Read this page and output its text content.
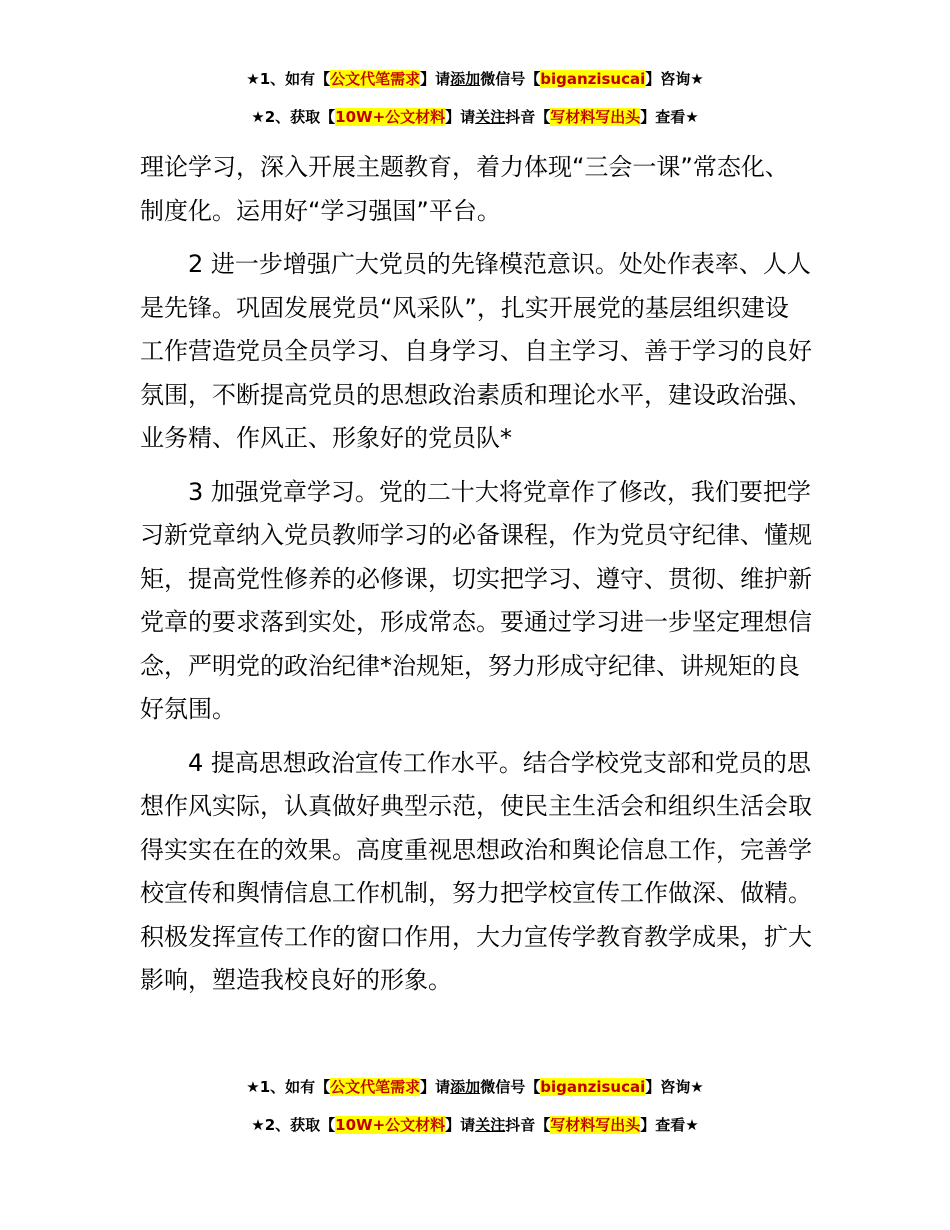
★1、如有【公文代笔需求】请添加微信号【biganzisucai】咨询★
★2、获取【10W+公文材料】请关注抖音【写材料写出头】查看★

理论学习，深入开展主题教育，着力体现“三会一课”常态化、制度化。运用好“学习强国”平台。

2 进一步增强广大党员的先锋模范意识。处处作表率、人人是先锋。巩固发展党员“风采队”，扎实开展党的基层组织建设工作营造党员全员学习、自身学习、自主学习、善于学习的良好氛围，不断提高党员的思想政治素质和理论水平，建设政治强、业务精、作风正、形象好的党员队*

3 加强党章学习。党的二十大将党章作了修改，我们要把学习新党章纳入党员教师学习的必备课程，作为党员守纪律、懂规矩，提高党性修养的必修课，切实把学习、遵守、贯彻、维护新党章的要求落到实处，形成常态。要通过学习进一步坚定理想信念，严明党的政治纪律*治规矩，努力形成守纪律、讲规矩的良好氛围。

4 提高思想政治宣传工作水平。结合学校党支部和党员的思想作风实际，认真做好典型示范，使民主生活会和组织生活会取得实实在在的效果。高度重视思想政治和舆论信息工作，完善学校宣传和舆情信息工作机制，努力把学校宣传工作做深、做精。积极发挥宣传工作的窗口作用，大力宣传学教育教学成果，扩大影响，塑造我校良好的形象。

★1、如有【公文代笔需求】请添加微信号【biganzisucai】咨询★
★2、获取【10W+公文材料】请关注抖音【写材料写出头】查看★
